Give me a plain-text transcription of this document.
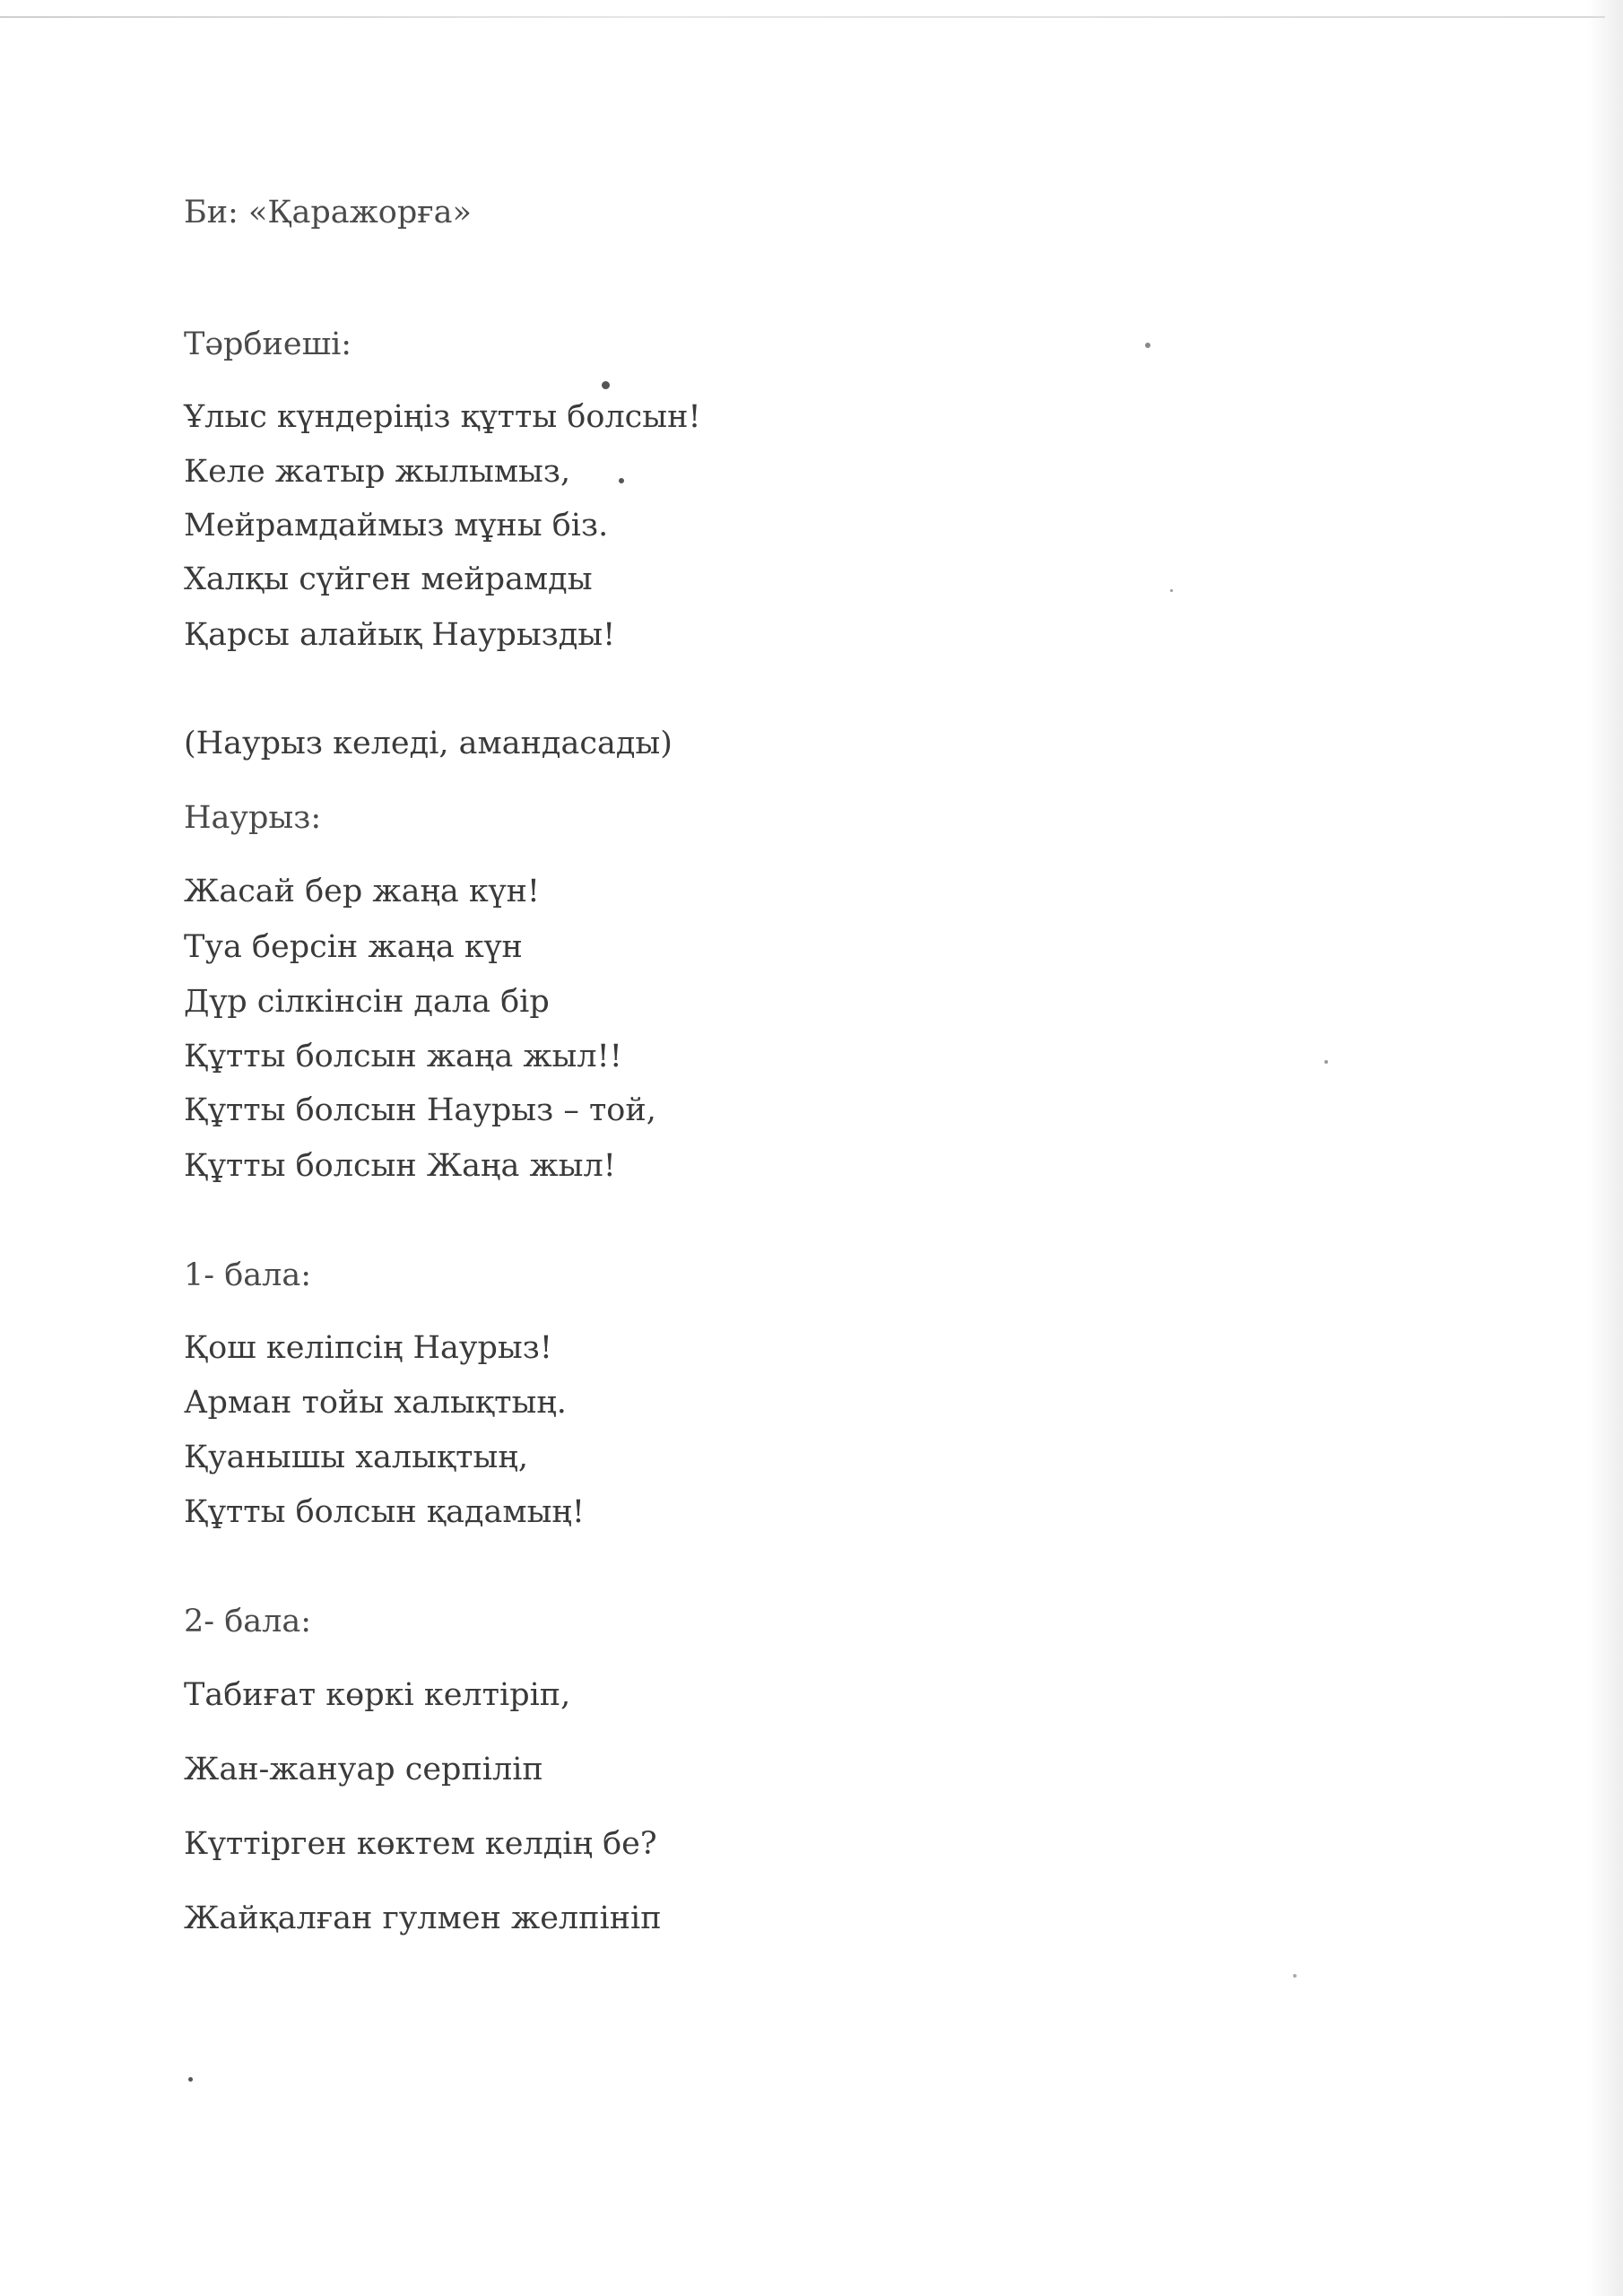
Би: «Қаражорға»
Тәрбиеші:
Ұлыс күндеріңіз құтты болсын!
Келе жатыр жылымыз,
Мейрамдаймыз мұны біз.
Халқы сүйген мейрамды
Қарсы алайық Наурызды!
(Наурыз келеді, амандасады)
Наурыз:
Жасай бер жаңа күн!
Туа берсін жаңа күн
Дүр сілкінсін дала бір
Құтты болсын жаңа жыл!!
Құтты болсын Наурыз – той,
Құтты болсын Жаңа жыл!
1- бала:
Қош келіпсің Наурыз!
Арман тойы халықтың.
Қуанышы халықтың,
Құтты болсын қадамың!
2- бала:
Табиғат көркі келтіріп,
Жан-жануар серпіліп
Күттірген көктем келдің бе?
Жайқалған гулмен желпініп
